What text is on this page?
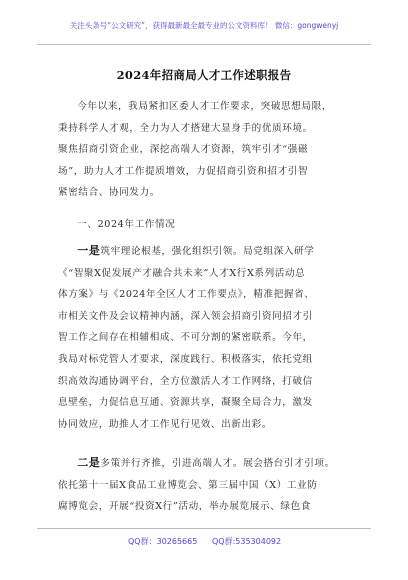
关注头条号“公文研究”，获得最新最全最专业的公文资料库！ 微信：gongwenyj
2024年招商局人才工作述职报告
今年以来，我局紧扣区委人才工作要求，突破思想局限，
秉持科学人才观，全力为人才搭建大显身手的优质环境。
聚焦招商引资企业，深挖高端人才资源，筑牢引才“强磁
场”，助力人才工作提质增效，力促招商引资和招才引智
紧密结合、协同发力。
一、2024年工作情况
一是筑牢理论根基，强化组织引领。局党组深入研学
《“智聚X促发展产才融合共未来”人才X行X系列活动总
体方案》与《2024年全区人才工作要点》，精准把握省、
市相关文件及会议精神内涵，深入领会招商引资同招才引
智工作之间存在相辅相成、不可分割的紧密联系。今年，
我局对标党管人才要求，深度践行、积极落实，依托党组
织高效沟通协调平台，全方位激活人才工作网络，打破信
息壁垒，力促信息互通、资源共享，凝聚全局合力，激发
协同效应，助推人才工作见行见效、出新出彩。
二是多策并行齐推，引进高端人才。展会搭台引才引项。
依托第十一届X食品工业博览会、第三届中国（X）工业防
腐博览会，开展“投资X行”活动，举办展览展示、绿色食
QQ群：30265665 QQ群:535304092
